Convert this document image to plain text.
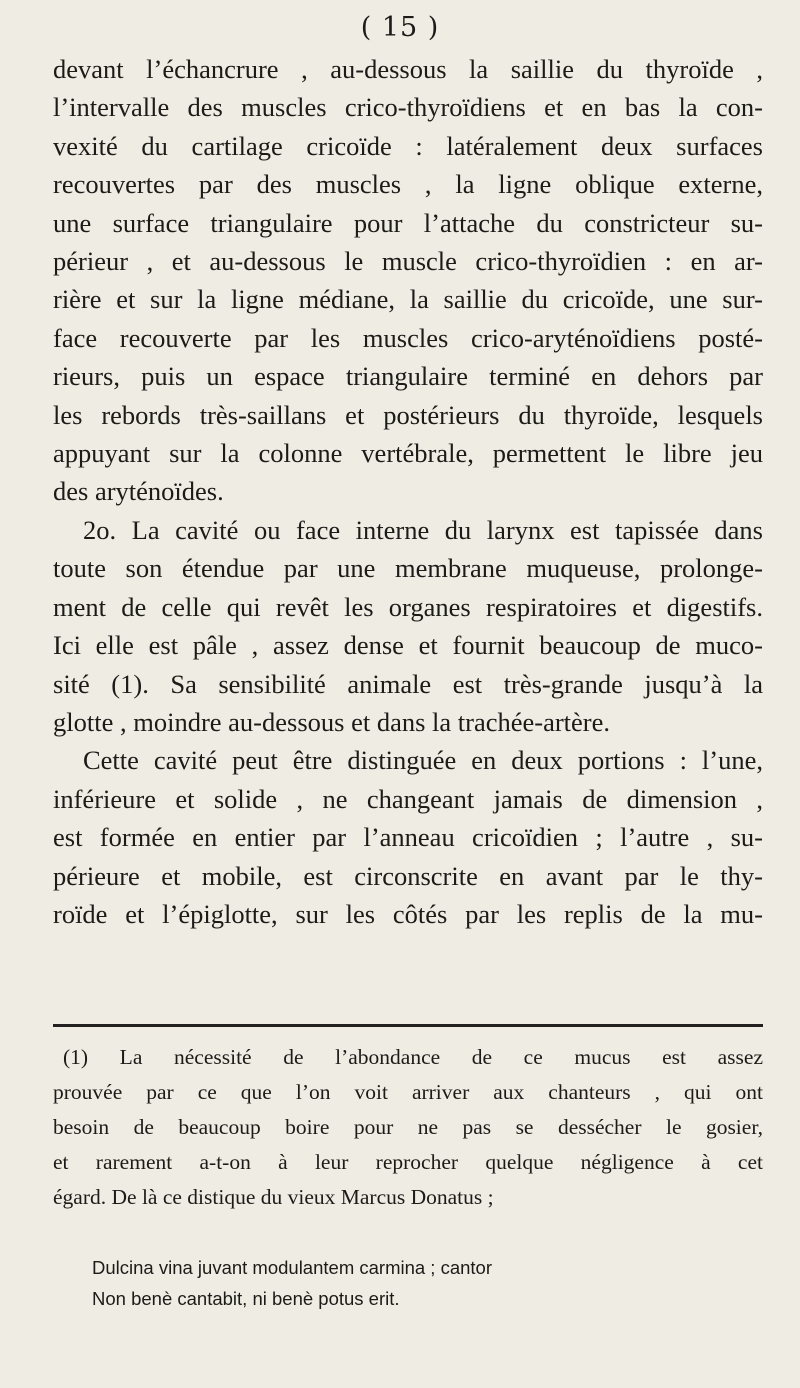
( 15 )
devant l’échancrure , au-dessous la saillie du thyroïde ,
l’intervalle des muscles crico-thyroïdiens et en bas la con-
vexité du cartilage cricoïde : latéralement deux surfaces
recouvertes par des muscles , la ligne oblique externe,
une surface triangulaire pour l’attache du constricteur su-
périeur , et au-dessous le muscle crico-thyroïdien : en ar-
rière et sur la ligne médiane, la saillie du cricoïde, une sur-
face recouverte par les muscles crico-aryténoïdiens posté-
rieurs, puis un espace triangulaire terminé en dehors par
les rebords très-saillans et postérieurs du thyroïde, lesquels
appuyant sur la colonne vertébrale, permettent le libre jeu
des aryténoïdes.
2o. La cavité ou face interne du larynx est tapissée dans
toute son étendue par une membrane muqueuse, prolonge-
ment de celle qui revêt les organes respiratoires et digestifs.
Ici elle est pâle , assez dense et fournit beaucoup de muco-
sité (1). Sa sensibilité animale est très-grande jusqu’à la
glotte , moindre au-dessous et dans la trachée-artère.
Cette cavité peut être distinguée en deux portions : l’une,
inférieure et solide , ne changeant jamais de dimension ,
est formée en entier par l’anneau cricoïdien ; l’autre , su-
périeure et mobile, est circonscrite en avant par le thy-
roïde et l’épiglotte, sur les côtés par les replis de la mu-
(1) La nécessité de l’abondance de ce mucus est assez
prouvée par ce que l’on voit arriver aux chanteurs , qui ont
besoin de beaucoup boire pour ne pas se dessécher le gosier,
et rarement a-t-on à leur reprocher quelque négligence à cet
égard. De là ce distique du vieux Marcus Donatus ;
Dulcina vina juvant modulantem carmina ; cantor
Non benè cantabit, ni benè potus erit.
